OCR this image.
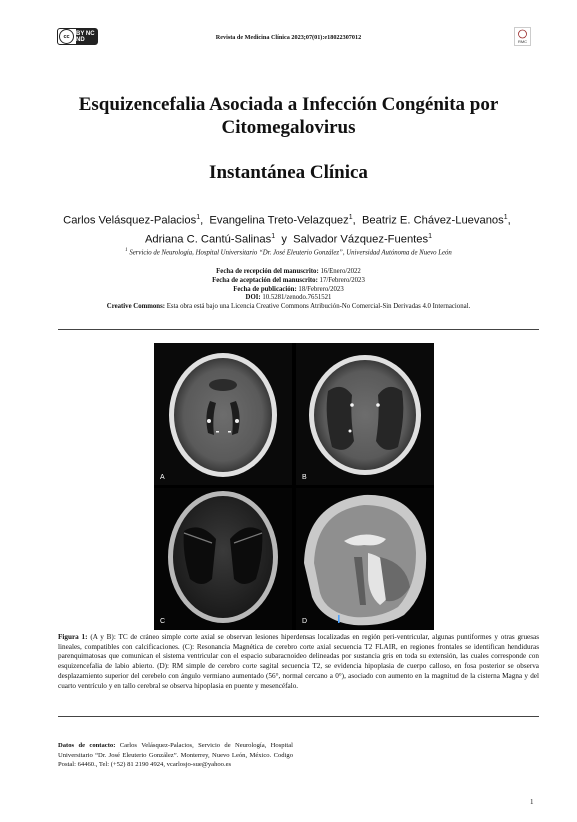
cc	BY NC ND	Revista de Medicina Clínica 2023;07(01):e18022307012
RMC
Esquizencefalia Asociada a Infección Congénita por
Citomegalovirus
Instantánea Clínica
Carlos Velásquez-Palacios$^1$,  Evangelina Treto-Velazquez$^1$,  Beatriz E. Chávez-Luevanos$^1$,  Adriana C. Cantú-Salinas$^1$ y Salvador Vázquez-Fuentes$^1$
$^1$ Servicio de Neurología, Hospital Universitario “Dr. José Eleuterio González”, Universidad Autónoma de Nuevo León
Fecha de recepción del manuscrito: 16/Enero/2022
Fecha de aceptación del manuscrito: 17/Febrero/2023
Fecha de publicación: 18/Febrero/2023
DOI: 10.5281/zenodo.7651521
Creative Commons: Esta obra está bajo una Licencia Creative Commons Atribución-No Comercial-Sin Derivadas 4.0 Internacional.
A	B
C	D
Figura 1: (A y B): TC de cráneo simple corte axial se observan lesiones hiperdensas localizadas en región peri-ventricular, algunas puntiformes y otras gruesas lineales, compatibles con calcificaciones. (C): Resonancia Magnética de cerebro corte axial secuencia T2 FLAIR, en regiones frontales se identifican hendiduras parenquimatosas que comunican el sistema ventricular con el espacio subaracnoideo delineadas por sustancia gris en toda su extensión, las cuales corresponde con esquizencefalia de labio abierto. (D): RM simple de cerebro corte sagital secuencia T2, se evidencia hipoplasia de cuerpo calloso, en fosa posterior se observa desplazamiento superior del cerebelo con ángulo vermiano aumentado (56°, normal cercano a 0°), asociado con aumento en la magnitud de la cisterna Magna y del cuarto ventrículo y en tallo cerebral se observa hipoplasia en puente y mesencéfalo.
Datos de contacto: Carlos Velásquez-Palacios, Servicio de Neurología, Hospital Universitario “Dr. José Eleuterio González”. Monterrey, Nuevo León, México. Codigo Postal: 64460., Tel: (+52) 81 2190 4924, vcarlosjo-sue@yahoo.es
1
